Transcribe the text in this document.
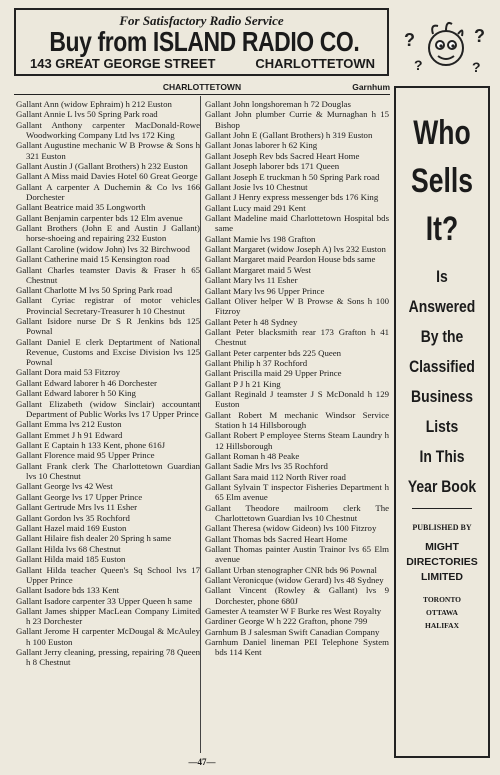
For Satisfactory Radio Service
Buy from ISLAND RADIO CO.
143 GREAT GEORGE STREET	CHARLOTTETOWN
?
?
?
?
CHARLOTTETOWN	Garnhum

Gallant Ann (widow Ephraim) h 212 Euston

Gallant Annie L lvs 50 Spring Park road

Gallant Anthony carpenter MacDonald-Rowe Woodworking Company Ltd lvs 172 King

Gallant Augustine mechanic W B Prowse & Sons h 321 Euston

Gallant Austin J (Gallant Brothers) h 232 Euston

Gallant A Miss maid Davies Hotel 60 Great George

Gallant A carpenter A Duchemin & Co lvs 166 Dorchester

Gallant Beatrice maid 35 Longworth

Gallant Benjamin carpenter bds 12 Elm avenue

Gallant Brothers (John E and Austin J Gallant) horse-shoeing and repairing 232 Euston

Gallant Caroline (widow John) lvs 32 Birchwood

Gallant Catherine maid 15 Kensington road

Gallant Charles teamster Davis & Fraser h 65 Chestnut

Gallant Charlotte M lvs 50 Spring Park road

Gallant Cyriac registrar of motor vehicles Provincial Secretary-Treasurer h 10 Chestnut

Gallant Isidore nurse Dr S R Jenkins bds 125 Pownal

Gallant Daniel E clerk Deptartment of National Revenue, Customs and Excise Division lvs 125 Pownal

Gallant Dora maid 53 Fitzroy

Gallant Edward laborer h 46 Dorchester

Gallant Edward laborer h 50 King

Gallant Elizabeth (widow Sinclair) accountant Department of Public Works lvs 17 Upper Prince

Gallant Emma lvs 212 Euston

Gallant Emmet J h 91 Edward

Gallant E Captain h 133 Kent, phone 616J

Gallant Florence maid 95 Upper Prince

Gallant Frank clerk The Charlottetown Guardian lvs 10 Chestnut

Gallant George lvs 42 West

Gallant George lvs 17 Upper Prince

Gallant Gertrude Mrs lvs 11 Esher

Gallant Gordon lvs 35 Rochford

Gallant Hazel maid 169 Euston

Gallant Hilaire fish dealer 20 Spring h same

Gallant Hilda lvs 68 Chestnut

Gallant Hilda maid 185 Euston

Gallant Hilda teacher Queen's Sq School lvs 17 Upper Prince

Gallant Isadore bds 133 Kent

Gallant Isadore carpenter 33 Upper Queen h same

Gallant James shipper MacLean Company Limited h 23 Dorchester

Gallant Jerome H carpenter McDougal & McAuley h 100 Euston

Gallant Jerry cleaning, pressing, repairing 78 Queen h 8 Chestnut

Gallant John longshoreman h 72 Douglas

Gallant John plumber Currie & Murnaghan h 15 Bishop

Gallant John E (Gallant Brothers) h 319 Euston

Gallant Jonas laborer h 62 King

Gallant Joseph Rev bds Sacred Heart Home

Gallant Joseph laborer bds 171 Queen

Gallant Joseph E truckman h 50 Spring Park road

Gallant Josie lvs 10 Chestnut

Gallant J Henry express messenger bds 176 King

Gallant Lucy maid 291 Kent

Gallant Madeline maid Charlottetown Hospital bds same

Gallant Mamie lvs 198 Grafton

Gallant Margaret (widow Joseph A) lvs 232 Euston

Gallant Margaret maid Peardon House bds same

Gallant Margaret maid 5 West

Gallant Mary lvs 11 Esher

Gallant Mary lvs 96 Upper Prince

Gallant Oliver helper W B Prowse & Sons h 100 Fitzroy

Gallant Peter h 48 Sydney

Gallant Peter blacksmith rear 173 Grafton h 41 Chestnut

Gallant Peter carpenter bds 225 Queen

Gallant Philip h 37 Rochford

Gallant Priscilla maid 29 Upper Prince

Gallant P J h 21 King

Gallant Reginald J teamster J S McDonald h 129 Euston

Gallant Robert M mechanic Windsor Service Station h 14 Hillsborough

Gallant Robert P employee Sterns Steam Laundry h 12 Hillsborough

Gallant Roman h 48 Peake

Gallant Sadie Mrs lvs 35 Rochford

Gallant Sara maid 112 North River road

Gallant Sylvain T inspector Fisheries Department h 65 Elm avenue

Gallant Theodore mailroom clerk The Charlottetown Guardian lvs 10 Chestnut

Gallant Theresa (widow Gideon) lvs 100 Fitzroy

Gallant Thomas bds Sacred Heart Home

Gallant Thomas painter Austin Trainor lvs 65 Elm avenue

Gallant Urban stenographer CNR bds 96 Pownal

Gallant Veronicque (widow Gerard) lvs 48 Sydney

Gallant Vincent (Rowley & Gallant) lvs 9 Dorchester, phone 680J

Gamester A teamster W F Burke res West Royalty

Gardiner George W h 222 Grafton, phone 799

Garnhum B J salesman Swift Canadian Company

Garnhum Daniel lineman PEI Telephone System bds 114 Kent

Who
Sells
It?
Is
Answered
By the
Classified
Business
Lists
In This
Year Book
PUBLISHED BY
MIGHT
DIRECTORIES
LIMITED
TORONTO
OTTAWA
HALIFAX
—47—
